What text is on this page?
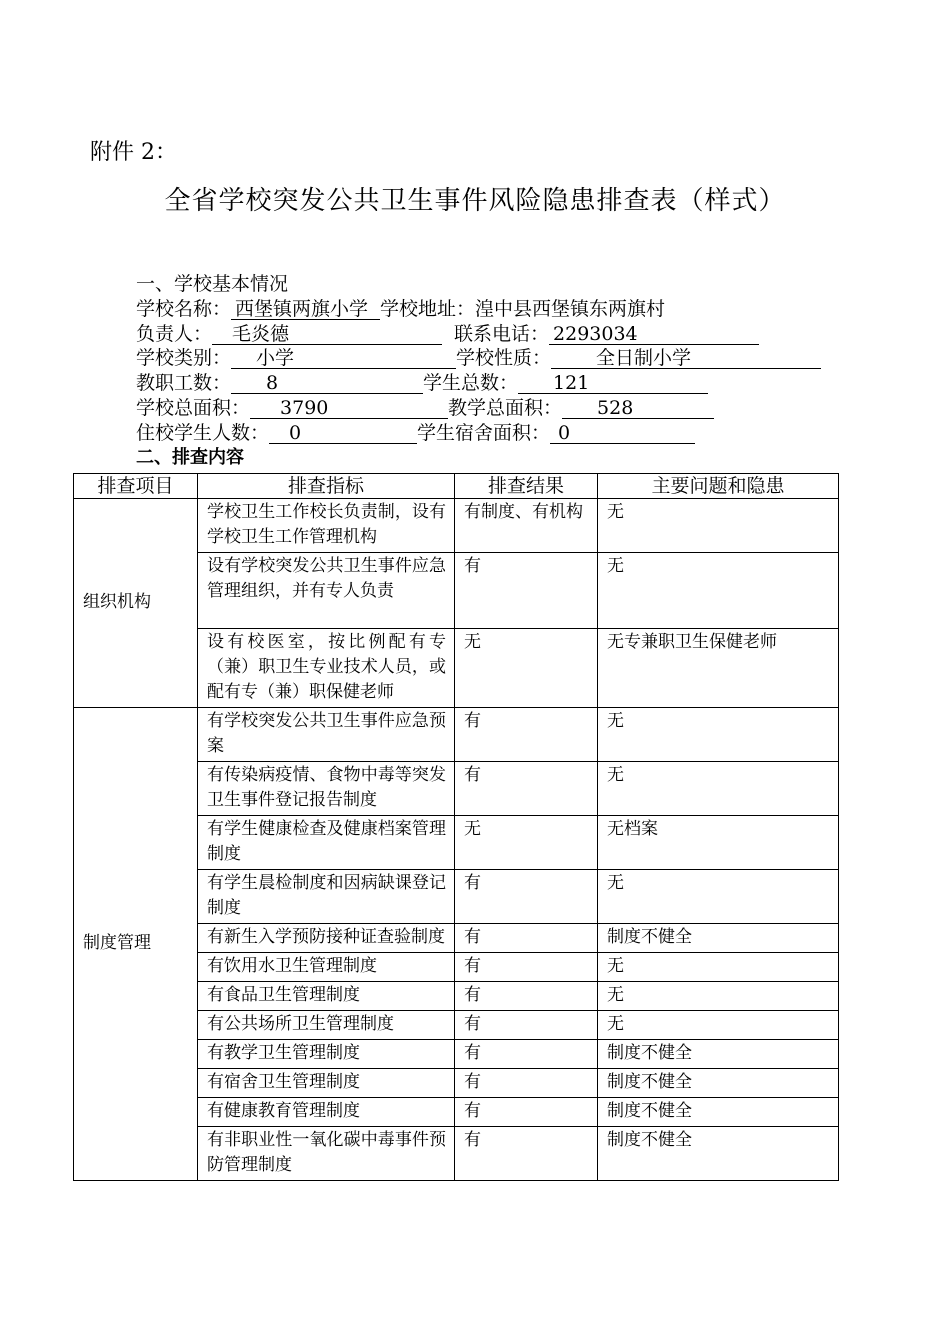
附件 2：
全省学校突发公共卫生事件风险隐患排查表（样式）
一、学校基本情况
学校名称： 西堡镇两旗小学 学校地址：湟中县西堡镇东两旗村
负责人： 毛炎德	联系电话： 2293034
学校类别： 小学	学校性质： 全日制小学
教职工数： 8	学生总数： 121
学校总面积： 3790	教学总面积： 528
住校学生人数： 0	学生宿舍面积： 0
二、排查内容
排查项目	排查指标	排查结果	主要问题和隐患
组织机构	学校卫生工作校长负责制，设有学校卫生工作管理机构	有制度、有机构	无
	设有学校突发公共卫生事件应急管理组织，并有专人负责	有	无
	设有校医室，按比例配有专（兼）职卫生专业技术人员，或配有专（兼）职保健老师	无	无专兼职卫生保健老师
制度管理	有学校突发公共卫生事件应急预案	有	无
	有传染病疫情、食物中毒等突发卫生事件登记报告制度	有	无
	有学生健康检查及健康档案管理制度	无	无档案
	有学生晨检制度和因病缺课登记制度	有	无
	有新生入学预防接种证查验制度	有	制度不健全
	有饮用水卫生管理制度	有	无
	有食品卫生管理制度	有	无
	有公共场所卫生管理制度	有	无
	有教学卫生管理制度	有	制度不健全
	有宿舍卫生管理制度	有	制度不健全
	有健康教育管理制度	有	制度不健全
	有非职业性一氧化碳中毒事件预防管理制度	有	制度不健全
